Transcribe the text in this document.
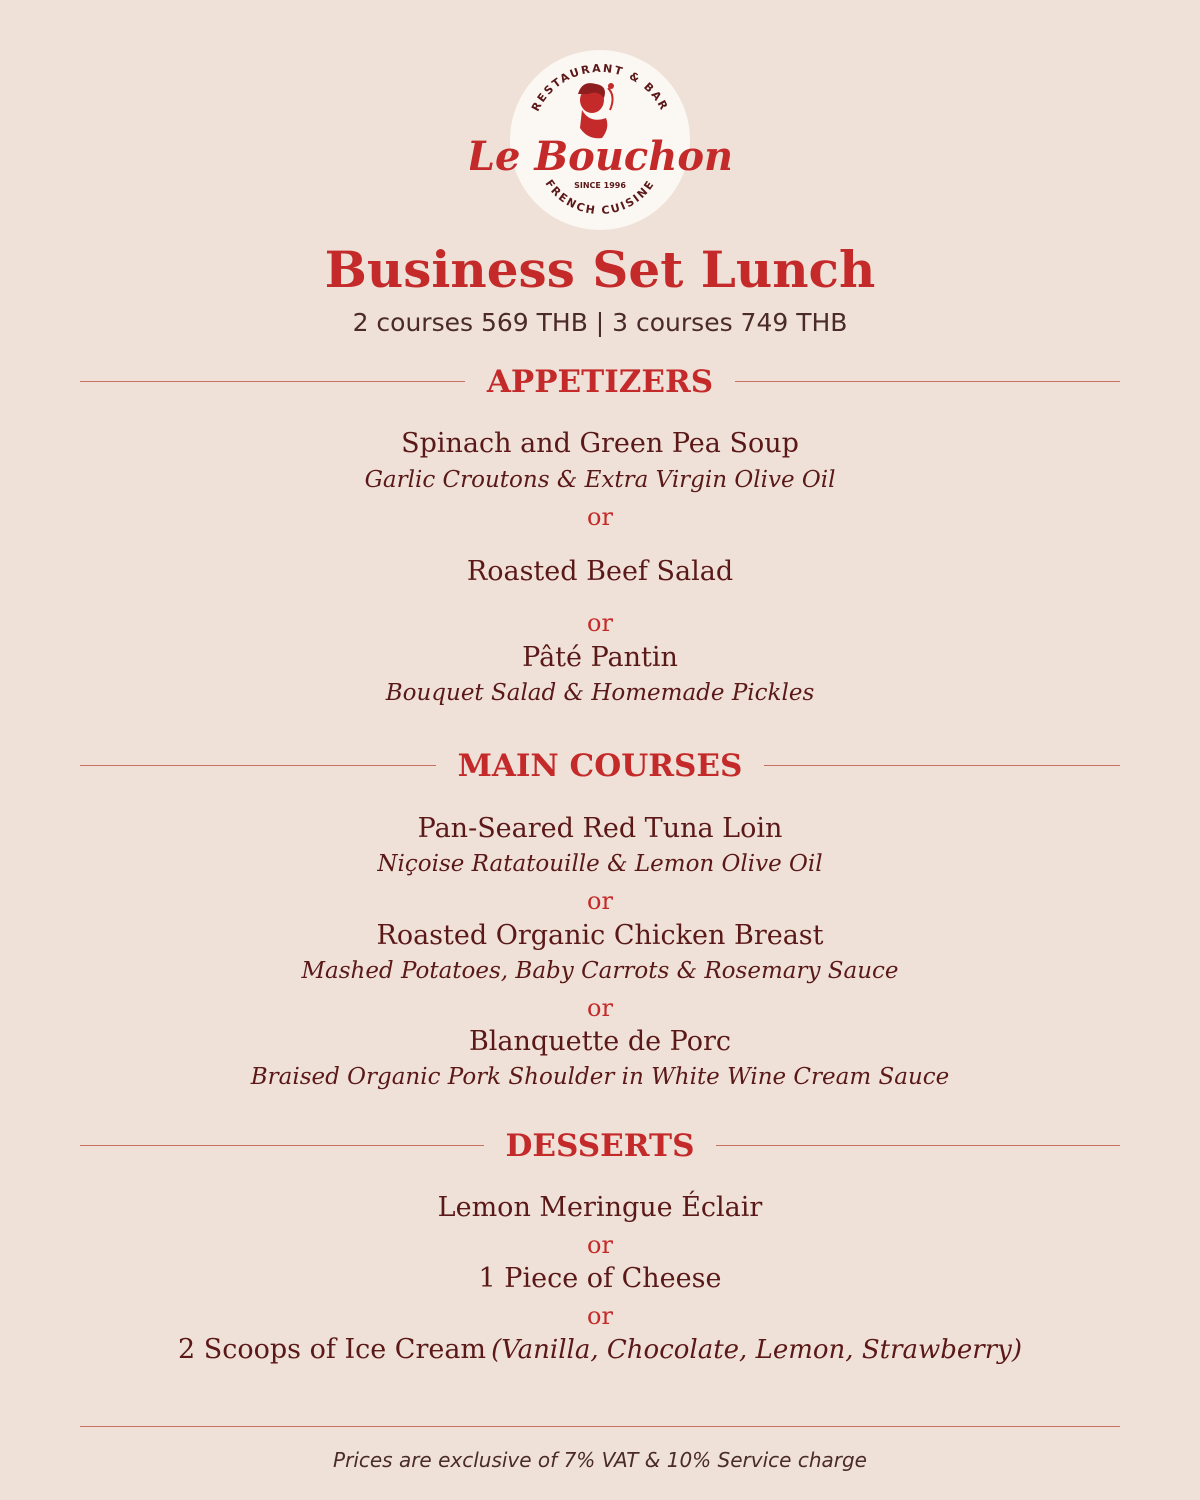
RESTAURANT & BAR
FRENCH CUISINE
Le Bouchon
SINCE 1996
Business Set Lunch
2 courses 569 THB | 3 courses 749 THB
APPETIZERS
Spinach and Green Pea Soup
Garlic Croutons & Extra Virgin Olive Oil
or
Roasted Beef Salad
or
Pâté Pantin
Bouquet Salad & Homemade Pickles
MAIN COURSES
Pan-Seared Red Tuna Loin
Niçoise Ratatouille & Lemon Olive Oil
or
Roasted Organic Chicken Breast
Mashed Potatoes, Baby Carrots & Rosemary Sauce
or
Blanquette de Porc
Braised Organic Pork Shoulder in White Wine Cream Sauce
DESSERTS
Lemon Meringue Éclair
or
1 Piece of Cheese
or
2 Scoops of Ice Cream (Vanilla, Chocolate, Lemon, Strawberry)
Prices are exclusive of 7% VAT & 10% Service charge
